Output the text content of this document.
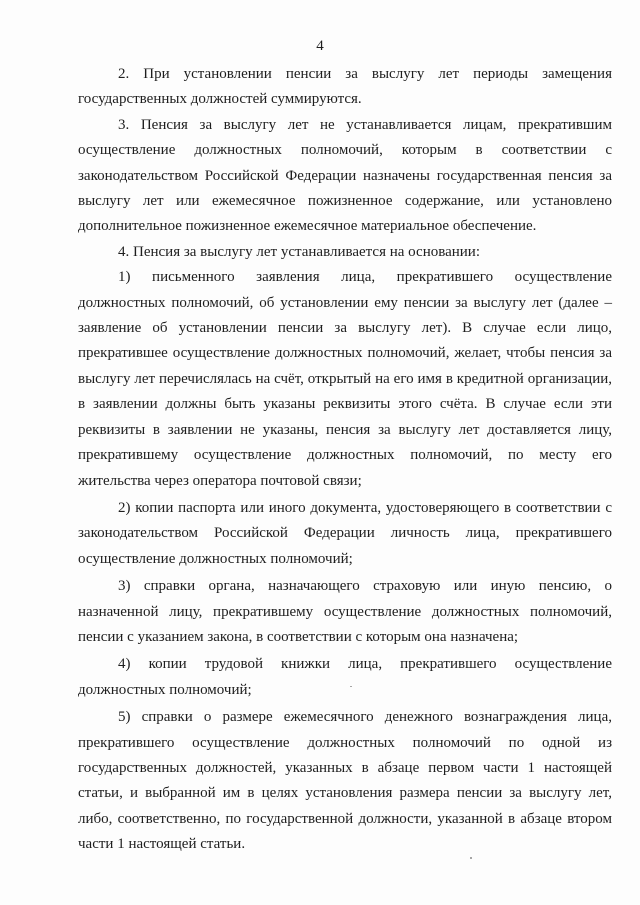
4

2. При установлении пенсии за выслугу лет периоды замещения государственных должностей суммируются.

3. Пенсия за выслугу лет не устанавливается лицам, прекратившим осуществление должностных полномочий, которым в соответствии с законодательством Российской Федерации назначены государственная пенсия за выслугу лет или ежемесячное пожизненное содержание, или установлено дополнительное пожизненное ежемесячное материальное обеспечение.

4. Пенсия за выслугу лет устанавливается на основании:

1) письменного заявления лица, прекратившего осуществление должностных полномочий, об установлении ему пенсии за выслугу лет (далее – заявление об установлении пенсии за выслугу лет). В случае если лицо, прекратившее осуществление должностных полномочий, желает, чтобы пенсия за выслугу лет перечислялась на счёт, открытый на его имя в кредитной организации, в заявлении должны быть указаны реквизиты этого счёта. В случае если эти реквизиты в заявлении не указаны, пенсия за выслугу лет доставляется лицу, прекратившему осуществление должностных полномочий, по месту его жительства через оператора почтовой связи;

2) копии паспорта или иного документа, удостоверяющего в соответствии с законодательством Российской Федерации личность лица, прекратившего осуществление должностных полномочий;

3) справки органа, назначающего страховую или иную пенсию, о назначенной лицу, прекратившему осуществление должностных полномочий, пенсии с указанием закона, в соответствии с которым она назначена;

4) копии трудовой книжки лица, прекратившего осуществление должностных полномочий;

5) справки о размере ежемесячного денежного вознаграждения лица, прекратившего осуществление должностных полномочий по одной из государственных должностей, указанных в абзаце первом части 1 настоящей статьи, и выбранной им в целях установления размера пенсии за выслугу лет, либо, соответственно, по государственной должности, указанной в абзаце втором части 1 настоящей статьи.
